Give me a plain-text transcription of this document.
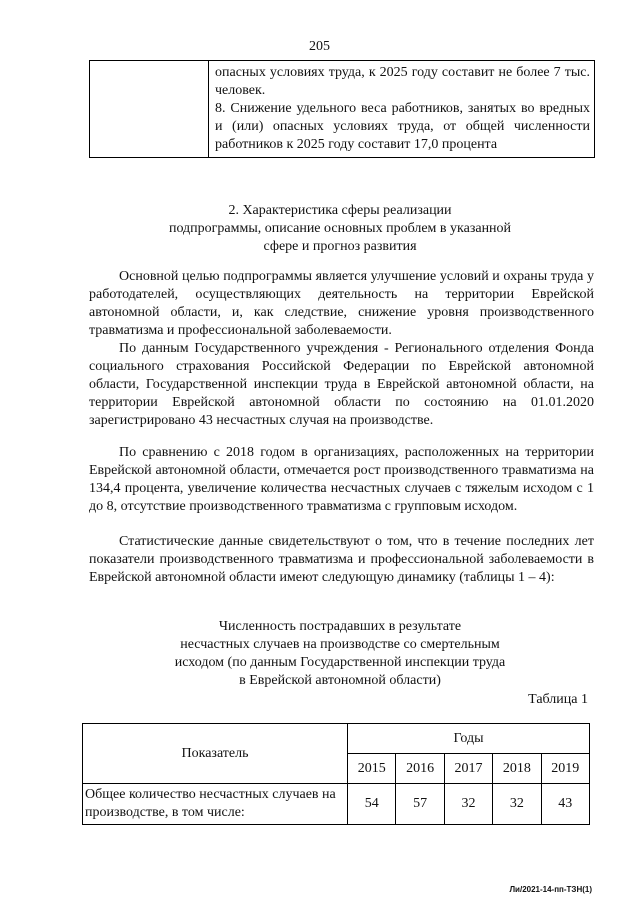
205

опасных условиях труда, к 2025 году составит не более 7 тыс. человек.
8. Снижение удельного веса работников, занятых во вредных и (или) опасных условиях труда, от общей численности работников к 2025 году составит 17,0 процента
2. Характеристика сферы реализации
подпрограммы, описание основных проблем в указанной
сфере и прогноз развития

Основной целью подпрограммы является улучшение условий и охраны труда у работодателей, осуществляющих деятельность на территории Еврейской автономной области, и, как следствие, снижение уровня производственного травматизма и профессиональной заболеваемости.

По данным Государственного учреждения - Регионального отделения Фонда социального страхования Российской Федерации по Еврейской автономной области, Государственной инспекции труда в Еврейской автономной области, на территории Еврейской автономной области по состоянию на 01.01.2020 зарегистрировано 43 несчастных случая на производстве.

По сравнению с 2018 годом в организациях, расположенных на территории Еврейской автономной области, отмечается рост производственного травматизма на 134,4 процента, увеличение количества несчастных случаев с тяжелым исходом с 1 до 8, отсутствие производственного травматизма с групповым исходом.

Статистические данные свидетельствуют о том, что в течение последних лет показатели производственного травматизма и профессиональной заболеваемости в Еврейской автономной области имеют следующую динамику (таблицы 1 – 4):

Численность пострадавших в результате
несчастных случаев на производстве со смертельным
исходом (по данным Государственной инспекции труда
в Еврейской автономной области)
Таблица 1
Показатель	Годы				
	2015	2016	2017	2018	2019
Общее количество несчастных случаев на производстве, в том числе:	54	57	32	32	43
Ли/2021-14-пп-ТЗН(1)
